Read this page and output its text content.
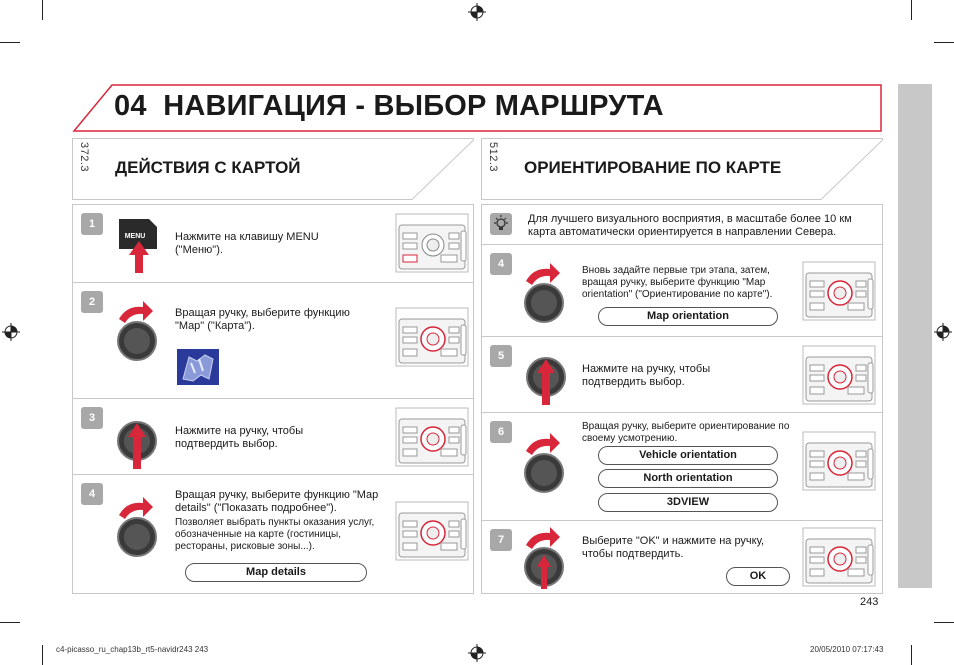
04 НАВИГАЦИЯ - ВЫБОР МАРШРУТА
372.3 ДЕЙСТВИЯ С КАРТОЙ	512.3 ОРИЕНТИРОВАНИЕ ПО КАРТЕ
1
MENU	Нажмите на клавишу MENU ("Меню").
2
Вращая ручку, выберите функцию "Map" ("Карта").
3
Нажмите на ручку, чтобы подтвердить выбор.
4	Вращая ручку, выберите функцию "Map details" ("Показать подробнее").
Позволяет выбрать пункты оказания услуг, обозначенные на карте (гостиницы, рестораны, рисковые зоны...).
Map details
Для лучшего визуального восприятия, в масштабе более 10 км карта автоматически ориентируется в направлении Севера.
4
Вновь задайте первые три этапа, затем, вращая ручку, выберите функцию "Map orientation" ("Ориентирование по карте").
Map orientation
5
Нажмите на ручку, чтобы подтвердить выбор.
6	Вращая ручку, выберите ориентирование по своему усмотрению.
Vehicle orientation
North orientation
3DVIEW
7	Выберите "OK" и нажмите на ручку, чтобы подтвердить.
OK
243
c4-picasso_ru_chap13b_rt5-navidr243 243	20/05/2010 07:17:43
